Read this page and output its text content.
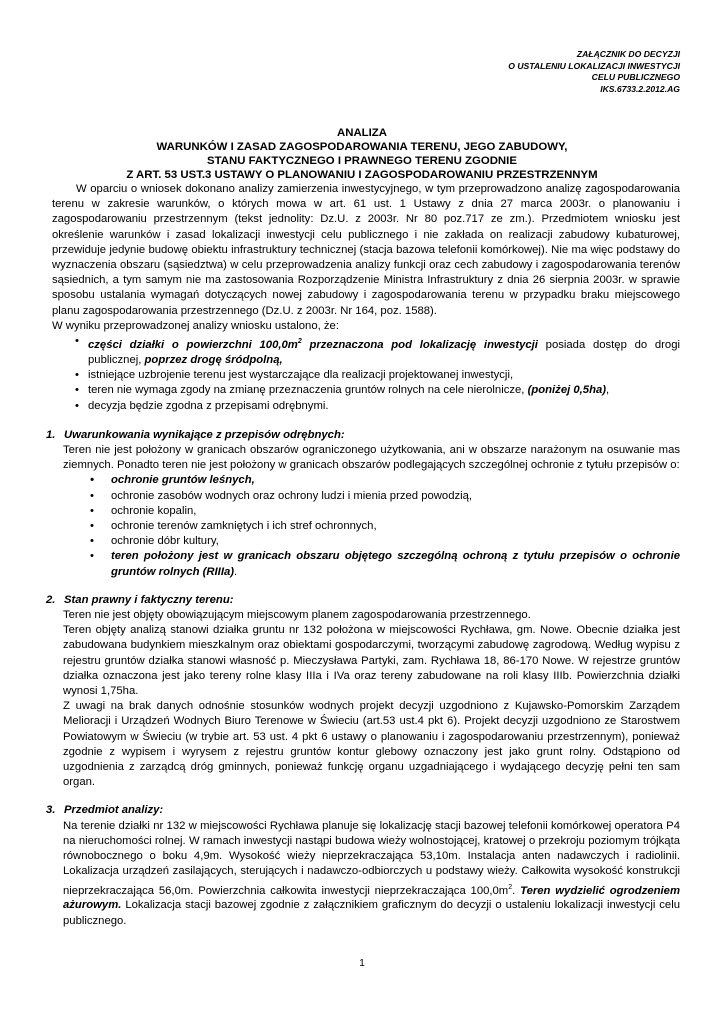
ZAŁĄCZNIK DO DECYZJI
O USTALENIU LOKALIZACJI INWESTYCJI
CELU PUBLICZNEGO
IKS.6733.2.2012.AG
ANALIZA
WARUNKÓW I ZASAD ZAGOSPODAROWANIA TERENU, JEGO ZABUDOWY,
STANU FAKTYCZNEGO I PRAWNEGO TERENU ZGODNIE
Z ART. 53 UST.3 USTAWY O PLANOWANIU I ZAGOSPODAROWANIU PRZESTRZENNYM

W oparciu o wniosek dokonano analizy zamierzenia inwestycyjnego, w tym przeprowadzono analizę zagospodarowania terenu w zakresie warunków, o których mowa w art. 61 ust. 1 Ustawy z dnia 27 marca 2003r. o planowaniu i zagospodarowaniu przestrzennym (tekst jednolity: Dz.U. z 2003r. Nr 80 poz.717 ze zm.). Przedmiotem wniosku jest określenie warunków i zasad lokalizacji inwestycji celu publicznego i nie zakłada on realizacji zabudowy kubaturowej, przewiduje jedynie budowę obiektu infrastruktury technicznej (stacja bazowa telefonii komórkowej). Nie ma więc podstawy do wyznaczenia obszaru (sąsiedztwa) w celu przeprowadzenia analizy funkcji oraz cech zabudowy i zagospodarowania terenów sąsiednich, a tym samym nie ma zastosowania Rozporządzenie Ministra Infrastruktury z dnia 26 sierpnia 2003r. w sprawie sposobu ustalania wymagań dotyczących nowej zabudowy i zagospodarowania terenu w przypadku braku miejscowego planu zagospodarowania przestrzennego (Dz.U. z 2003r. Nr 164, poz. 1588).

W wyniku przeprowadzonej analizy wniosku ustalono, że:

• części działki o powierzchni $100,0m^2$ przeznaczona pod lokalizację inwestycji posiada dostęp do drogi publicznej, poprzez drogę śródpolną,
• istniejące uzbrojenie terenu jest wystarczające dla realizacji projektowanej inwestycji,
• teren nie wymaga zgody na zmianę przeznaczenia gruntów rolnych na cele nierolnicze, (poniżej 0,5ha),
• decyzja będzie zgodna z przepisami odrębnymi.
1. Uwarunkowania wynikające z przepisów odrębnych:

Teren nie jest położony w granicach obszarów ograniczonego użytkowania, ani w obszarze narażonym na osuwanie mas ziemnych. Ponadto teren nie jest położony w granicach obszarów podlegających szczególnej ochronie z tytułu przepisów o:

• ochronie gruntów leśnych,
• ochronie zasobów wodnych oraz ochrony ludzi i mienia przed powodzią,
• ochronie kopalin,
• ochronie terenów zamkniętych i ich stref ochronnych,
• ochronie dóbr kultury,
• teren położony jest w granicach obszaru objętego szczególną ochroną z tytułu przepisów o ochronie gruntów rolnych (RIIIa).
2. Stan prawny i faktyczny terenu:

Teren nie jest objęty obowiązującym miejscowym planem zagospodarowania przestrzennego.

Teren objęty analizą stanowi działka gruntu nr 132 położona w miejscowości Rychława, gm. Nowe. Obecnie działka jest zabudowana budynkiem mieszkalnym oraz obiektami gospodarczymi, tworzącymi zabudowę zagrodową. Według wypisu z rejestru gruntów działka stanowi własność p. Mieczysława Partyki, zam. Rychława 18, 86-170 Nowe. W rejestrze gruntów działka oznaczona jest jako tereny rolne klasy IIIa i IVa oraz tereny zabudowane na roli klasy IIIb. Powierzchnia działki wynosi 1,75ha.

Z uwagi na brak danych odnośnie stosunków wodnych projekt decyzji uzgodniono z Kujawsko-Pomorskim Zarządem Melioracji i Urządzeń Wodnych Biuro Terenowe w Świeciu (art.53 ust.4 pkt 6). Projekt decyzji uzgodniono ze Starostwem Powiatowym w Świeciu (w trybie art. 53 ust. 4 pkt 6 ustawy o planowaniu i zagospodarowaniu przestrzennym), ponieważ zgodnie z wypisem i wyrysem z rejestru gruntów kontur glebowy oznaczony jest jako grunt rolny. Odstąpiono od uzgodnienia z zarządcą dróg gminnych, ponieważ funkcję organu uzgadniającego i wydającego decyzję pełni ten sam organ.

3. Przedmiot analizy:

Na terenie działki nr 132 w miejscowości Rychława planuje się lokalizację stacji bazowej telefonii komórkowej operatora P4 na nieruchomości rolnej. W ramach inwestycji nastąpi budowa wieży wolnostojącej, kratowej o przekroju poziomym trójkąta równobocznego o boku 4,9m. Wysokość wieży nieprzekraczająca 53,10m. Instalacja anten nadawczych i radiolinii. Lokalizacja urządzeń zasilających, sterujących i nadawczo-odbiorczych u podstawy wieży. Całkowita wysokość konstrukcji nieprzekraczająca 56,0m. Powierzchnia całkowita inwestycji nieprzekraczająca $100,0m^2$. Teren wydzielić ogrodzeniem ażurowym. Lokalizacja stacji bazowej zgodnie z załącznikiem graficznym do decyzji o ustaleniu lokalizacji inwestycji celu publicznego.

1
